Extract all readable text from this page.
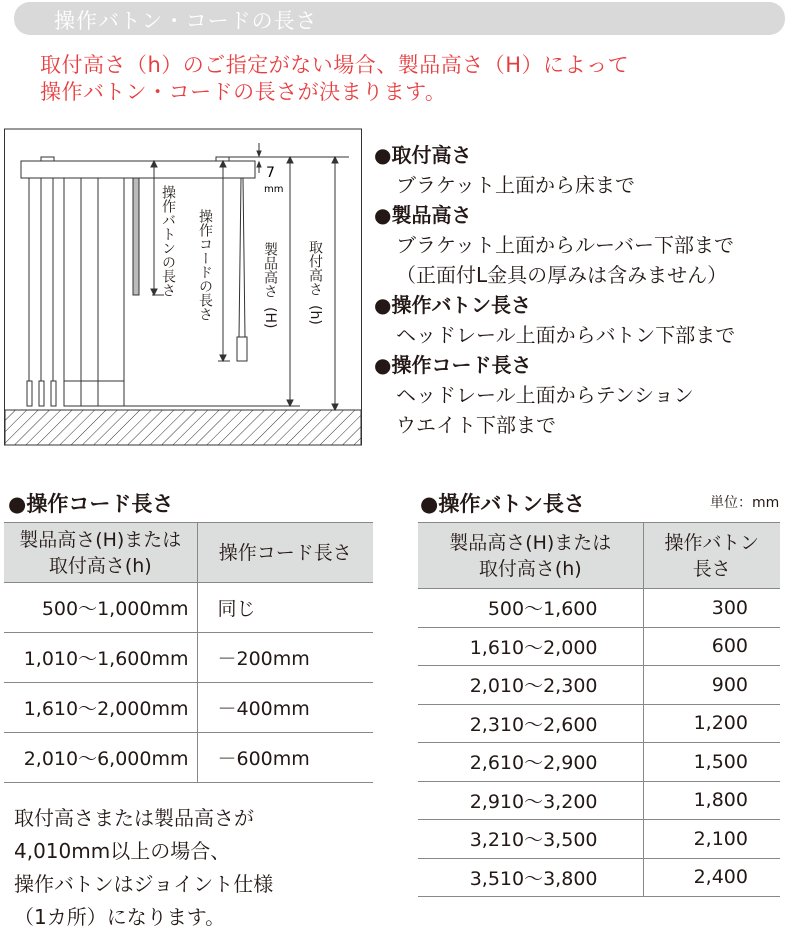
操作バトン・コードの長さ
取付高さ（h）のご指定がない場合、製品高さ（H）によって
操作バトン・コードの長さが決まります。
操作バトンの長さ 操作コードの長さ	製品高さ
(H)
取付高さ
(h)
7
mm
●取付高さ
ブラケット上面から床まで
●製品高さ
ブラケット上面からルーバー下部まで
（正面付L金具の厚みは含みません）
●操作バトン長さ
ヘッドレール上面からバトン下部まで
●操作コード長さ
ヘッドレール上面からテンション
ウエイト下部まで
●操作コード長さ	●操作バトン長さ	単位：mm
製品高さ(H)または
取付高さ(h)	操作コード長さ
500〜1,000mm	同じ
1,010〜1,600mm	－200mm
1,610〜2,000mm	－400mm
2,010〜6,000mm	－600mm
製品高さ(H)または
取付高さ(h)	操作バトン
長さ
500〜1,600	300
1,610〜2,000	600
2,010〜2,300	900
2,310〜2,600	1,200
2,610〜2,900	1,500
2,910〜3,200	1,800
3,210〜3,500	2,100
3,510〜3,800	2,400
取付高さまたは製品高さが
4,010mm以上の場合、
操作バトンはジョイント仕様
（1カ所）になります。
